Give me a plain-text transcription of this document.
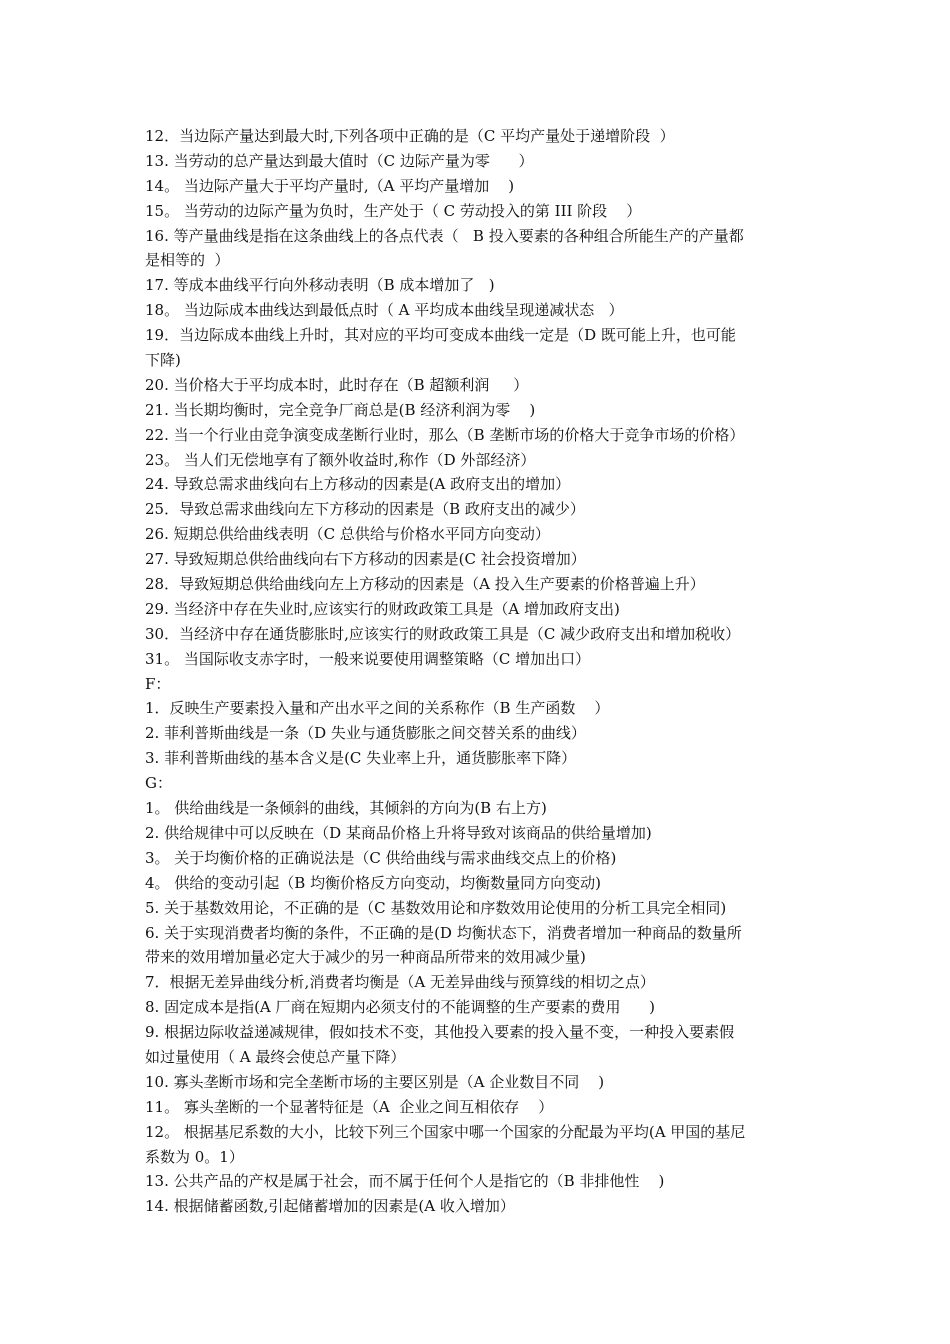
12．当边际产量达到最大时,下列各项中正确的是（C 平均产量处于递增阶段  ）
13. 当劳动的总产量达到最大值时（C 边际产量为零      ）
14。 当边际产量大于平均产量时,（A 平均产量增加    )
15。 当劳动的边际产量为负时，生产处于（ C 劳动投入的第 III 阶段    ）
16. 等产量曲线是指在这条曲线上的各点代表（   B 投入要素的各种组合所能生产的产量都
是相等的  ）
17. 等成本曲线平行向外移动表明（B 成本增加了   )
18。 当边际成本曲线达到最低点时（ A 平均成本曲线呈现递减状态   ）
19．当边际成本曲线上升时，其对应的平均可变成本曲线一定是（D 既可能上升，也可能
下降)
20. 当价格大于平均成本时，此时存在（B 超额利润     ）
21. 当长期均衡时，完全竞争厂商总是(B 经济利润为零    )
22. 当一个行业由竞争演变成垄断行业时，那么（B 垄断市场的价格大于竞争市场的价格）
23。 当人们无偿地享有了额外收益时,称作（D 外部经济）
24. 导致总需求曲线向右上方移动的因素是(A 政府支出的增加）
25．导致总需求曲线向左下方移动的因素是（B 政府支出的减少）
26. 短期总供给曲线表明（C 总供给与价格水平同方向变动）
27. 导致短期总供给曲线向右下方移动的因素是(C 社会投资增加）
28．导致短期总供给曲线向左上方移动的因素是（A 投入生产要素的价格普遍上升）
29. 当经济中存在失业时,应该实行的财政政策工具是（A 增加政府支出)
30．当经济中存在通货膨胀时,应该实行的财政政策工具是（C 减少政府支出和增加税收）
31。 当国际收支赤字时，一般来说要使用调整策略（C 增加出口）
F：
1．反映生产要素投入量和产出水平之间的关系称作（B 生产函数    ）
2. 菲利普斯曲线是一条（D 失业与通货膨胀之间交替关系的曲线）
3. 菲利普斯曲线的基本含义是(C 失业率上升，通货膨胀率下降）
G：
1。 供给曲线是一条倾斜的曲线，其倾斜的方向为(B 右上方)
2. 供给规律中可以反映在（D 某商品价格上升将导致对该商品的供给量增加)
3。 关于均衡价格的正确说法是（C 供给曲线与需求曲线交点上的价格)
4。 供给的变动引起（B 均衡价格反方向变动，均衡数量同方向变动)
5. 关于基数效用论，不正确的是（C 基数效用论和序数效用论使用的分析工具完全相同)
6. 关于实现消费者均衡的条件，不正确的是(D 均衡状态下，消费者增加一种商品的数量所
带来的效用增加量必定大于减少的另一种商品所带来的效用减少量)
7．根据无差异曲线分析,消费者均衡是（A 无差异曲线与预算线的相切之点）
8. 固定成本是指(A 厂商在短期内必须支付的不能调整的生产要素的费用      )
9. 根据边际收益递减规律，假如技术不变，其他投入要素的投入量不变，一种投入要素假
如过量使用（ A 最终会使总产量下降）
10. 寡头垄断市场和完全垄断市场的主要区别是（A 企业数目不同    )
11。 寡头垄断的一个显著特征是（A  企业之间互相依存    ）
12。 根据基尼系数的大小，比较下列三个国家中哪一个国家的分配最为平均(A 甲国的基尼
系数为 0。1）
13. 公共产品的产权是属于社会，而不属于任何个人是指它的（B 非排他性    )
14. 根据储蓄函数,引起储蓄增加的因素是(A 收入增加）
